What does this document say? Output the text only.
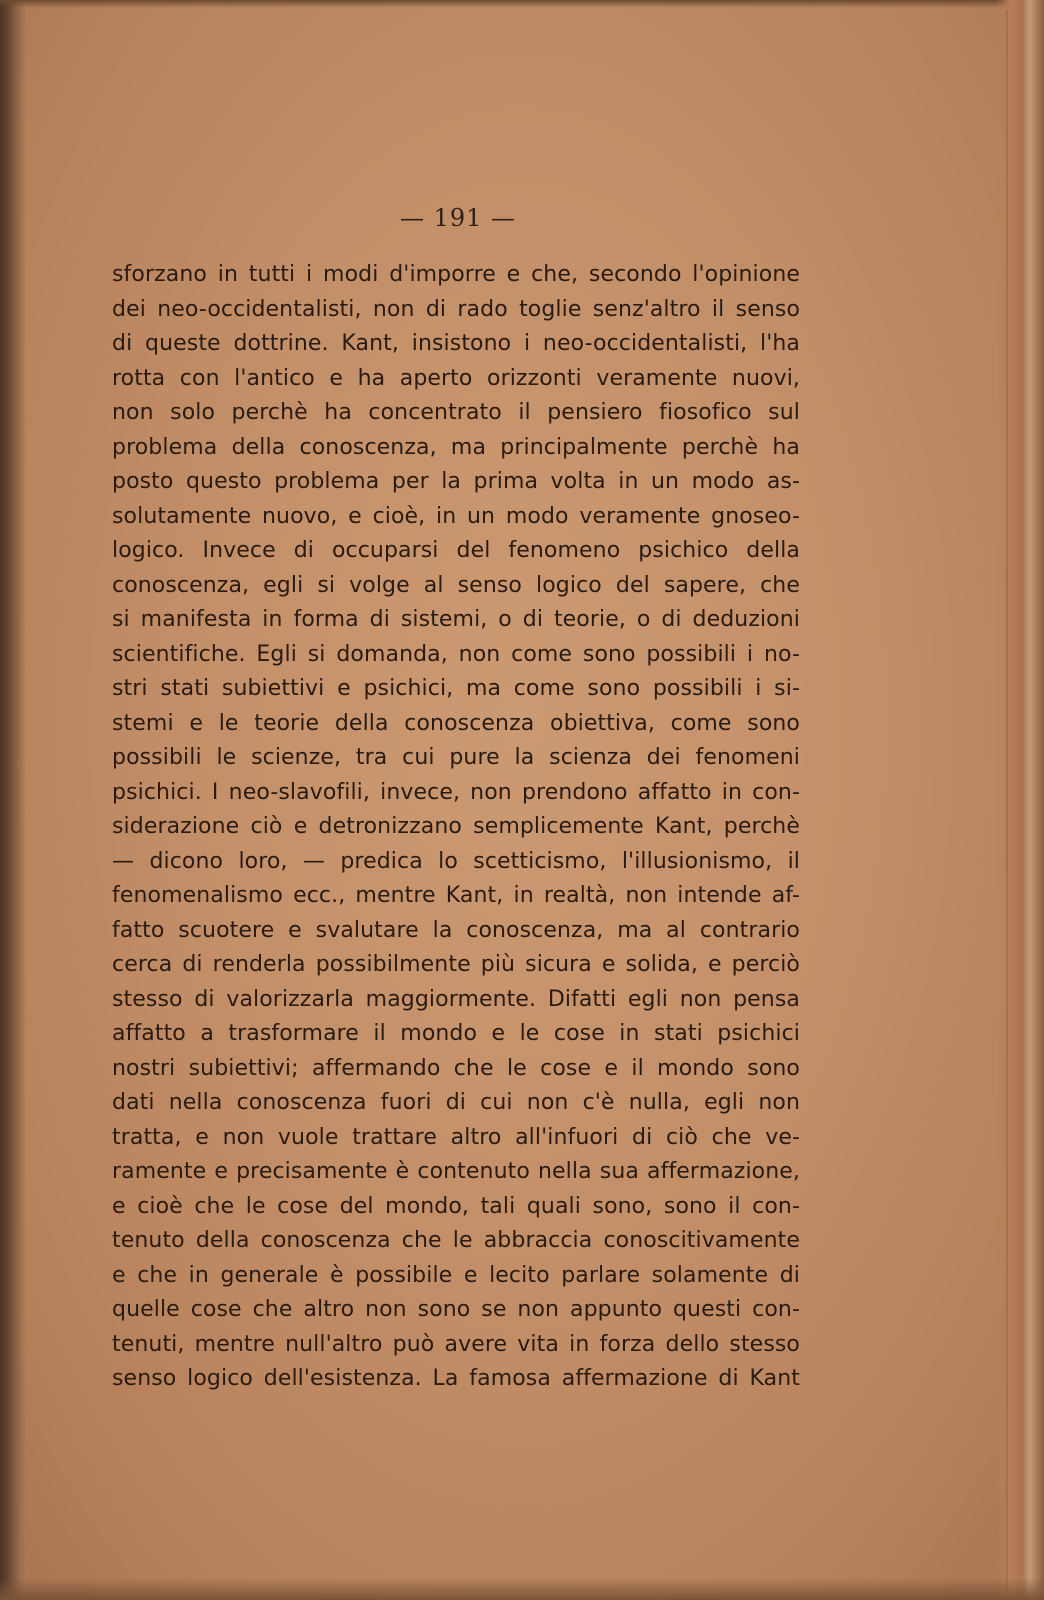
— 191 —
sforzano in tutti i modi d'imporre e che, secondo l'opinione
dei neo-occidentalisti, non di rado toglie senz'altro il senso
di queste dottrine. Kant, insistono i neo-occidentalisti, l'ha
rotta con l'antico e ha aperto orizzonti veramente nuovi,
non solo perchè ha concentrato il pensiero fiosofico sul
problema della conoscenza, ma principalmente perchè ha
posto questo problema per la prima volta in un modo as-
solutamente nuovo, e cioè, in un modo veramente gnoseo-
logico. Invece di occuparsi del fenomeno psichico della
conoscenza, egli si volge al senso logico del sapere, che
si manifesta in forma di sistemi, o di teorie, o di deduzioni
scientifiche. Egli si domanda, non come sono possibili i no-
stri stati subiettivi e psichici, ma come sono possibili i si-
stemi e le teorie della conoscenza obiettiva, come sono
possibili le scienze, tra cui pure la scienza dei fenomeni
psichici. I neo-slavofili, invece, non prendono affatto in con-
siderazione ciò e detronizzano semplicemente Kant, perchè
— dicono loro, — predica lo scetticismo, l'illusionismo, il
fenomenalismo ecc., mentre Kant, in realtà, non intende af-
fatto scuotere e svalutare la conoscenza, ma al contrario
cerca di renderla possibilmente più sicura e solida, e perciò
stesso di valorizzarla maggiormente. Difatti egli non pensa
affatto a trasformare il mondo e le cose in stati psichici
nostri subiettivi; affermando che le cose e il mondo sono
dati nella conoscenza fuori di cui non c'è nulla, egli non
tratta, e non vuole trattare altro all'infuori di ciò che ve-
ramente e precisamente è contenuto nella sua affermazione,
e cioè che le cose del mondo, tali quali sono, sono il con-
tenuto della conoscenza che le abbraccia conoscitivamente
e che in generale è possibile e lecito parlare solamente di
quelle cose che altro non sono se non appunto questi con-
tenuti, mentre null'altro può avere vita in forza dello stesso
senso logico dell'esistenza. La famosa affermazione di Kant
